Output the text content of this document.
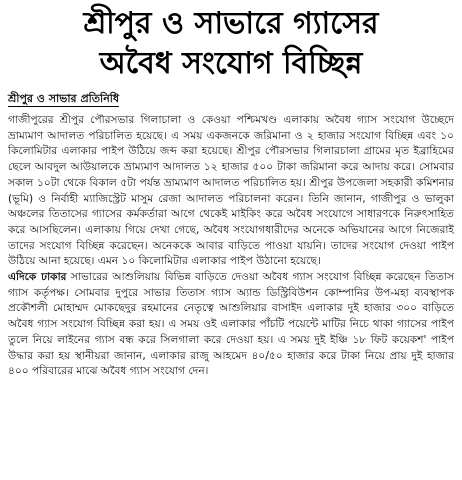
শ্রীপুর ও সাভারে গ্যাসের
অবৈধ সংযোগ বিচ্ছিন্ন
শ্রীপুর ও সাভার প্রতিনিধি

গাজীপুরের শ্রীপুর পৌরসভার গিলাচালা ও কেওয়া পশ্চিমখণ্ড এলাকায় অবৈধ গ্যাস সংযোগ উচ্ছেদে ভ্রাম্যমাণ আদালত পরিচালিত হয়েছে। এ সময় একজনকে জরিমানা ও ২ হাজার সংযোগ বিচ্ছিন্ন এবং ১০ কিলোমিটার এলাকার পাইপ উঠিয়ে জব্দ করা হয়েছে। শ্রীপুর পৌরসভার গিলারচালা গ্রামের মৃত ইব্রাহিমের ছেলে আবদুল আউয়ালকে ভ্রাম্যমাণ আদালত ১২ হাজার ৫০০ টাকা জরিমানা করে আদায় করে। সোমবার সকাল ১০টা থেকে বিকাল ৫টা পর্যন্ত ভ্রাম্যমাণ আদালত পরিচালিত হয়। শ্রীপুর উপজেলা সহকারী কমিশনার (ভূমি) ও নির্বাহী ম্যাজিস্ট্রেট মাসুম রেজা আদালত পরিচালনা করেন। তিনি জানান, গাজীপুর ও ভালুকা অঞ্চলের তিতাসের গ্যাসের কর্মকর্তারা আগে থেকেই মাইকিং করে অবৈধ সংযোগে সাধারণকে নিরুৎসাহিত করে আসছিলেন। এলাকায় গিয়ে দেখা গেছে, অবৈধ সংযোগধারীদের অনেকে অভিযানের আগে নিজেরাই তাদের সংযোগ বিচ্ছিন্ন করেছেন। অনেককে আবার বাড়িতে পাওয়া যায়নি। তাদের সংযোগ দেওয়া পাইপ উঠিয়ে আনা হয়েছে। এমন ১০ কিলোমিটার এলাকার পাইপ উঠানো হয়েছে।

এদিকে ঢাকার সাভারের আশুলিয়ায় বিভিন্ন বাড়িতে দেওয়া অবৈধ গ্যাস সংযোগ বিচ্ছিন্ন করেছেন তিতাস গ্যাস কর্তৃপক্ষ। সোমবার দুপুরে সাভার তিতাস গ্যাস অ্যান্ড ডিস্ট্রিবিউশন কোম্পানির উপ-মহা ব্যবস্থাপক প্রকৌশলী মোহাম্মদ মোকছেদুর রহমানের নেতৃত্বে আশুলিয়ার বাসাইদ এলাকার দুই হাজার ৩০০ বাড়িতে অবৈধ গ্যাস সংযোগ বিচ্ছিন্ন করা হয়। এ সময় ওই এলাকার পাঁচটি পয়েন্টে মাটির নিচে থাকা গ্যাসের পাইপ তুলে নিয়ে লাইনের গ্যাস বন্ধ করে সিলগালা করে দেওয়া হয়। এ সময় দুই ইঞ্চি ১৮ ফিট কয়েকশ' পাইপ উদ্ধার করা হয় স্থানীয়রা জানান, এলাকার রাজু আহমেদ ৪০/৫০ হাজার করে টাকা নিয়ে প্রায় দুই হাজার ৪০০ পরিবারের মাঝে অবৈধ গ্যাস সংযোগ দেন।
